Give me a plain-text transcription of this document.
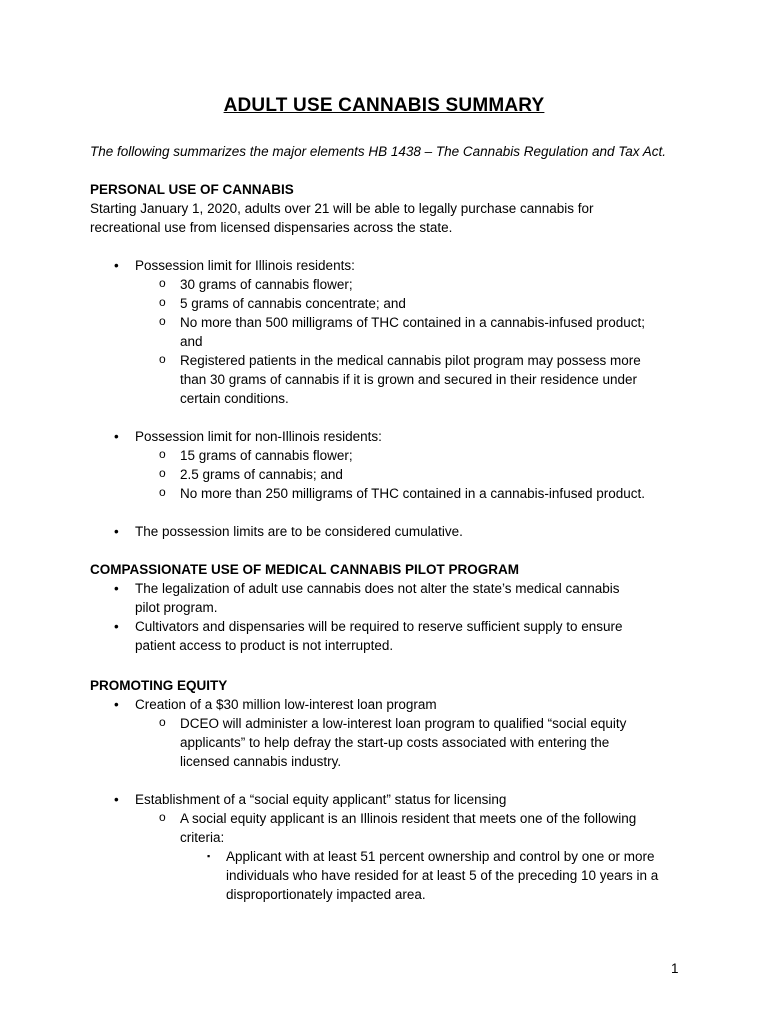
ADULT USE CANNABIS SUMMARY
The following summarizes the major elements HB 1438 – The Cannabis Regulation and Tax Act.

PERSONAL USE OF CANNABIS

Starting January 1, 2020, adults over 21 will be able to legally purchase cannabis for recreational use from licensed dispensaries across the state.

• Possession limit for Illinois residents:
o 30 grams of cannabis flower;
o 5 grams of cannabis concentrate; and
o No more than 500 milligrams of THC contained in a cannabis-infused product; and
o Registered patients in the medical cannabis pilot program may possess more than 30 grams of cannabis if it is grown and secured in their residence under certain conditions.
• Possession limit for non-Illinois residents:
o 15 grams of cannabis flower;
o 2.5 grams of cannabis; and
o No more than 250 milligrams of THC contained in a cannabis-infused product.
• The possession limits are to be considered cumulative.

COMPASSIONATE USE OF MEDICAL CANNABIS PILOT PROGRAM

• The legalization of adult use cannabis does not alter the state’s medical cannabis pilot program.
• Cultivators and dispensaries will be required to reserve sufficient supply to ensure patient access to product is not interrupted.

PROMOTING EQUITY

• Creation of a $30 million low-interest loan program
o DCEO will administer a low-interest loan program to qualified “social equity applicants” to help defray the start-up costs associated with entering the licensed cannabis industry.
• Establishment of a “social equity applicant” status for licensing
o A social equity applicant is an Illinois resident that meets one of the following criteria:
▪ Applicant with at least 51 percent ownership and control by one or more individuals who have resided for at least 5 of the preceding 10 years in a disproportionately impacted area.
1
